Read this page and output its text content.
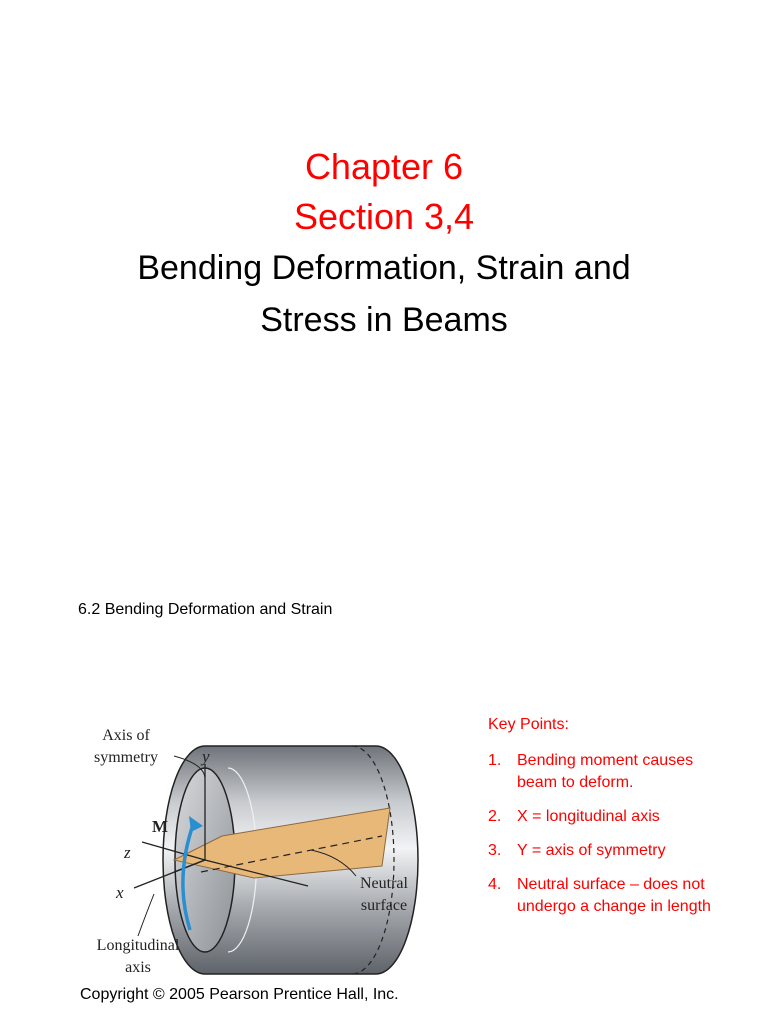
Chapter 6
Section 3,4
Bending Deformation, Strain and
Stress in Beams
6.2 Bending Deformation and Strain
Axis of
symmetry	y
M
z
x	Neutral
surface
Longitudinal
axis
Key Points:
1. Bending moment causes beam to deform.
2. X = longitudinal axis
3. Y = axis of symmetry
4. Neutral surface – does not undergo a change in length
Copyright © 2005 Pearson Prentice Hall, Inc.
